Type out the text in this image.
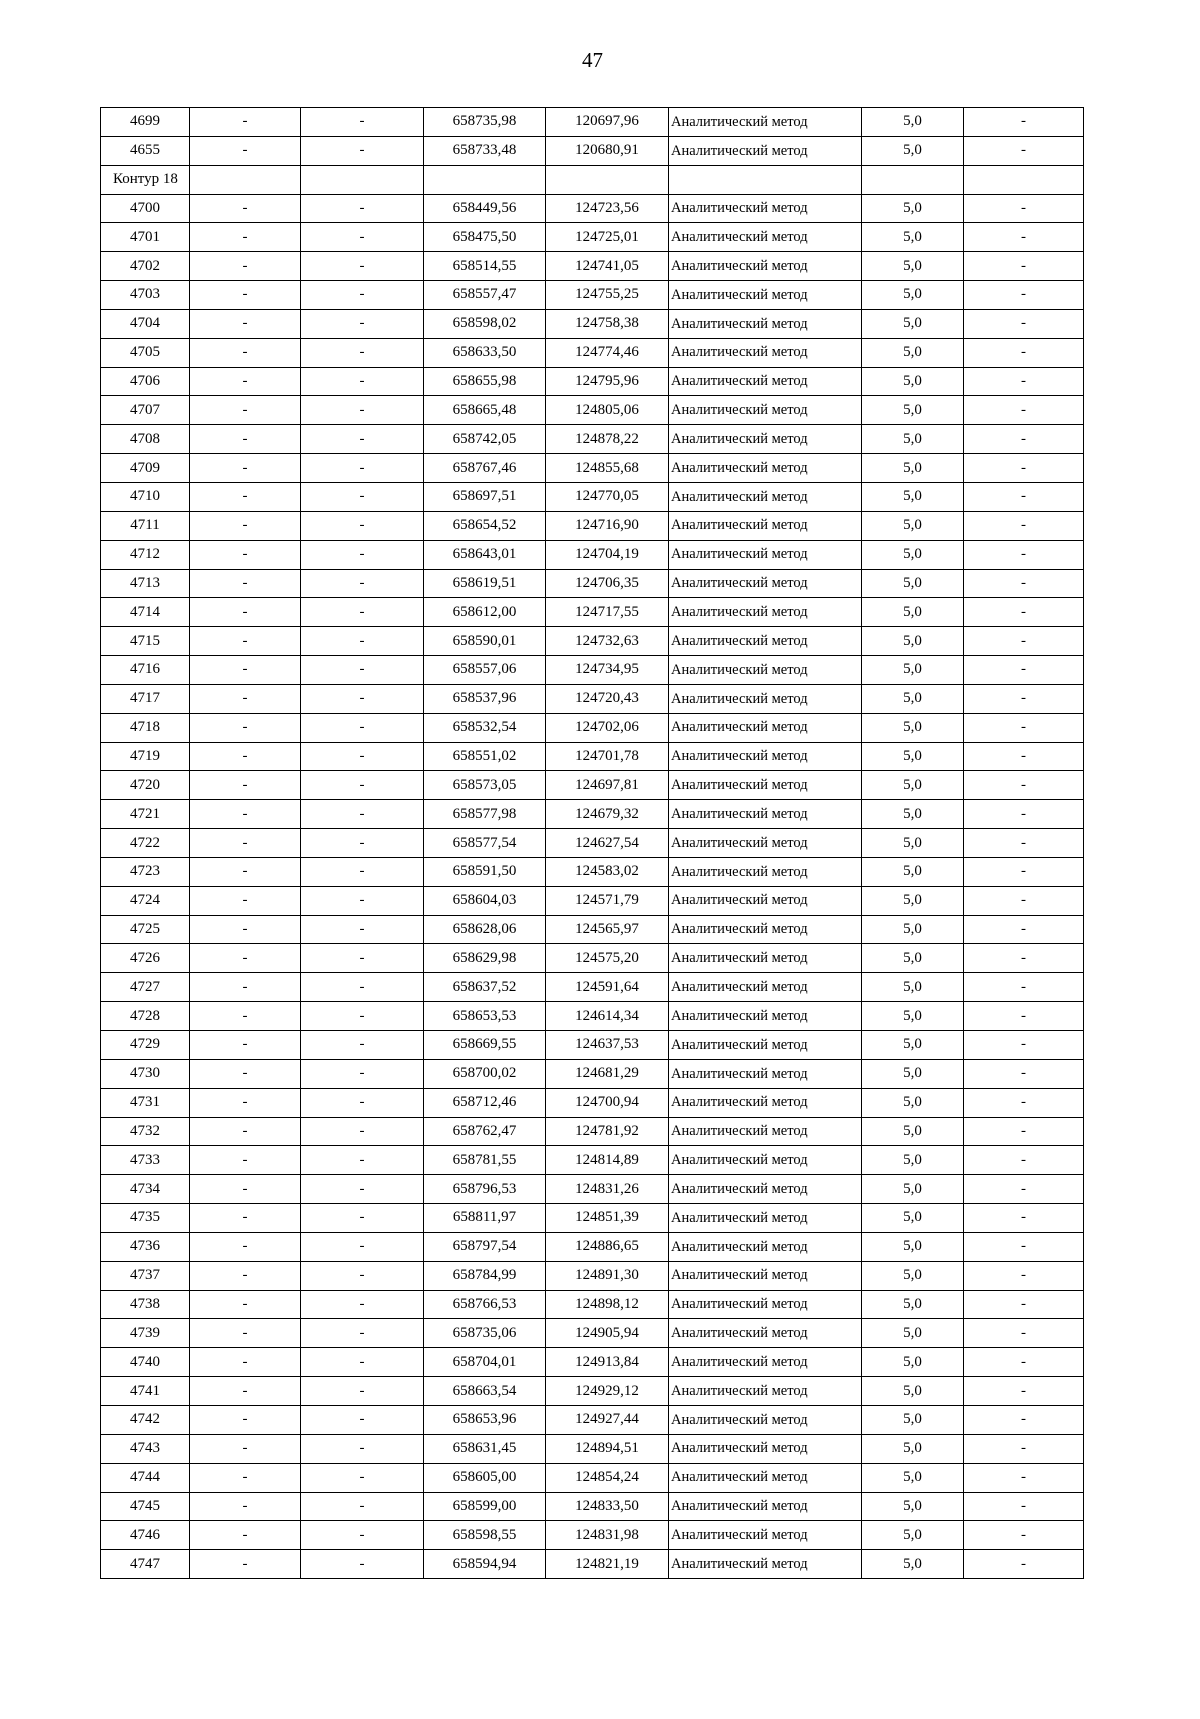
47
4699	-	-	658735,98	120697,96	Аналитический метод	5,0	-
4655	-	-	658733,48	120680,91	Аналитический метод	5,0	-
Контур 18							
4700	-	-	658449,56	124723,56	Аналитический метод	5,0	-
4701	-	-	658475,50	124725,01	Аналитический метод	5,0	-
4702	-	-	658514,55	124741,05	Аналитический метод	5,0	-
4703	-	-	658557,47	124755,25	Аналитический метод	5,0	-
4704	-	-	658598,02	124758,38	Аналитический метод	5,0	-
4705	-	-	658633,50	124774,46	Аналитический метод	5,0	-
4706	-	-	658655,98	124795,96	Аналитический метод	5,0	-
4707	-	-	658665,48	124805,06	Аналитический метод	5,0	-
4708	-	-	658742,05	124878,22	Аналитический метод	5,0	-
4709	-	-	658767,46	124855,68	Аналитический метод	5,0	-
4710	-	-	658697,51	124770,05	Аналитический метод	5,0	-
4711	-	-	658654,52	124716,90	Аналитический метод	5,0	-
4712	-	-	658643,01	124704,19	Аналитический метод	5,0	-
4713	-	-	658619,51	124706,35	Аналитический метод	5,0	-
4714	-	-	658612,00	124717,55	Аналитический метод	5,0	-
4715	-	-	658590,01	124732,63	Аналитический метод	5,0	-
4716	-	-	658557,06	124734,95	Аналитический метод	5,0	-
4717	-	-	658537,96	124720,43	Аналитический метод	5,0	-
4718	-	-	658532,54	124702,06	Аналитический метод	5,0	-
4719	-	-	658551,02	124701,78	Аналитический метод	5,0	-
4720	-	-	658573,05	124697,81	Аналитический метод	5,0	-
4721	-	-	658577,98	124679,32	Аналитический метод	5,0	-
4722	-	-	658577,54	124627,54	Аналитический метод	5,0	-
4723	-	-	658591,50	124583,02	Аналитический метод	5,0	-
4724	-	-	658604,03	124571,79	Аналитический метод	5,0	-
4725	-	-	658628,06	124565,97	Аналитический метод	5,0	-
4726	-	-	658629,98	124575,20	Аналитический метод	5,0	-
4727	-	-	658637,52	124591,64	Аналитический метод	5,0	-
4728	-	-	658653,53	124614,34	Аналитический метод	5,0	-
4729	-	-	658669,55	124637,53	Аналитический метод	5,0	-
4730	-	-	658700,02	124681,29	Аналитический метод	5,0	-
4731	-	-	658712,46	124700,94	Аналитический метод	5,0	-
4732	-	-	658762,47	124781,92	Аналитический метод	5,0	-
4733	-	-	658781,55	124814,89	Аналитический метод	5,0	-
4734	-	-	658796,53	124831,26	Аналитический метод	5,0	-
4735	-	-	658811,97	124851,39	Аналитический метод	5,0	-
4736	-	-	658797,54	124886,65	Аналитический метод	5,0	-
4737	-	-	658784,99	124891,30	Аналитический метод	5,0	-
4738	-	-	658766,53	124898,12	Аналитический метод	5,0	-
4739	-	-	658735,06	124905,94	Аналитический метод	5,0	-
4740	-	-	658704,01	124913,84	Аналитический метод	5,0	-
4741	-	-	658663,54	124929,12	Аналитический метод	5,0	-
4742	-	-	658653,96	124927,44	Аналитический метод	5,0	-
4743	-	-	658631,45	124894,51	Аналитический метод	5,0	-
4744	-	-	658605,00	124854,24	Аналитический метод	5,0	-
4745	-	-	658599,00	124833,50	Аналитический метод	5,0	-
4746	-	-	658598,55	124831,98	Аналитический метод	5,0	-
4747	-	-	658594,94	124821,19	Аналитический метод	5,0	-
